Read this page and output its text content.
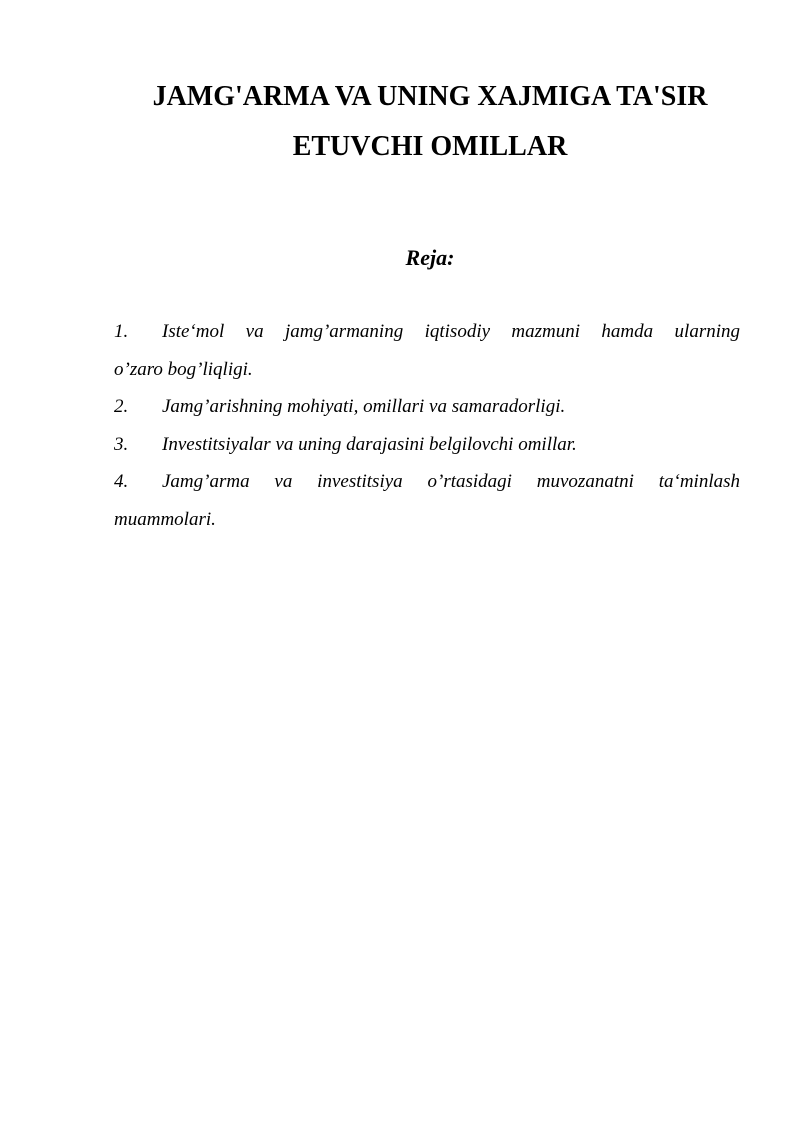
JAMG'ARMA VA UNING XAJMIGA TA'SIR
ETUVCHI OMILLAR
Reja:
1. Iste‘mol va jamg’armaning iqtisodiy mazmuni hamda ularning
o’zaro bog’liqligi.
2. Jamg’arishning mohiyati, omillari va samaradorligi.
3. Investitsiyalar va uning darajasini belgilovchi omillar.
4. Jamg’arma va investitsiya o’rtasidagi muvozanatni ta‘minlash
muammolari.
